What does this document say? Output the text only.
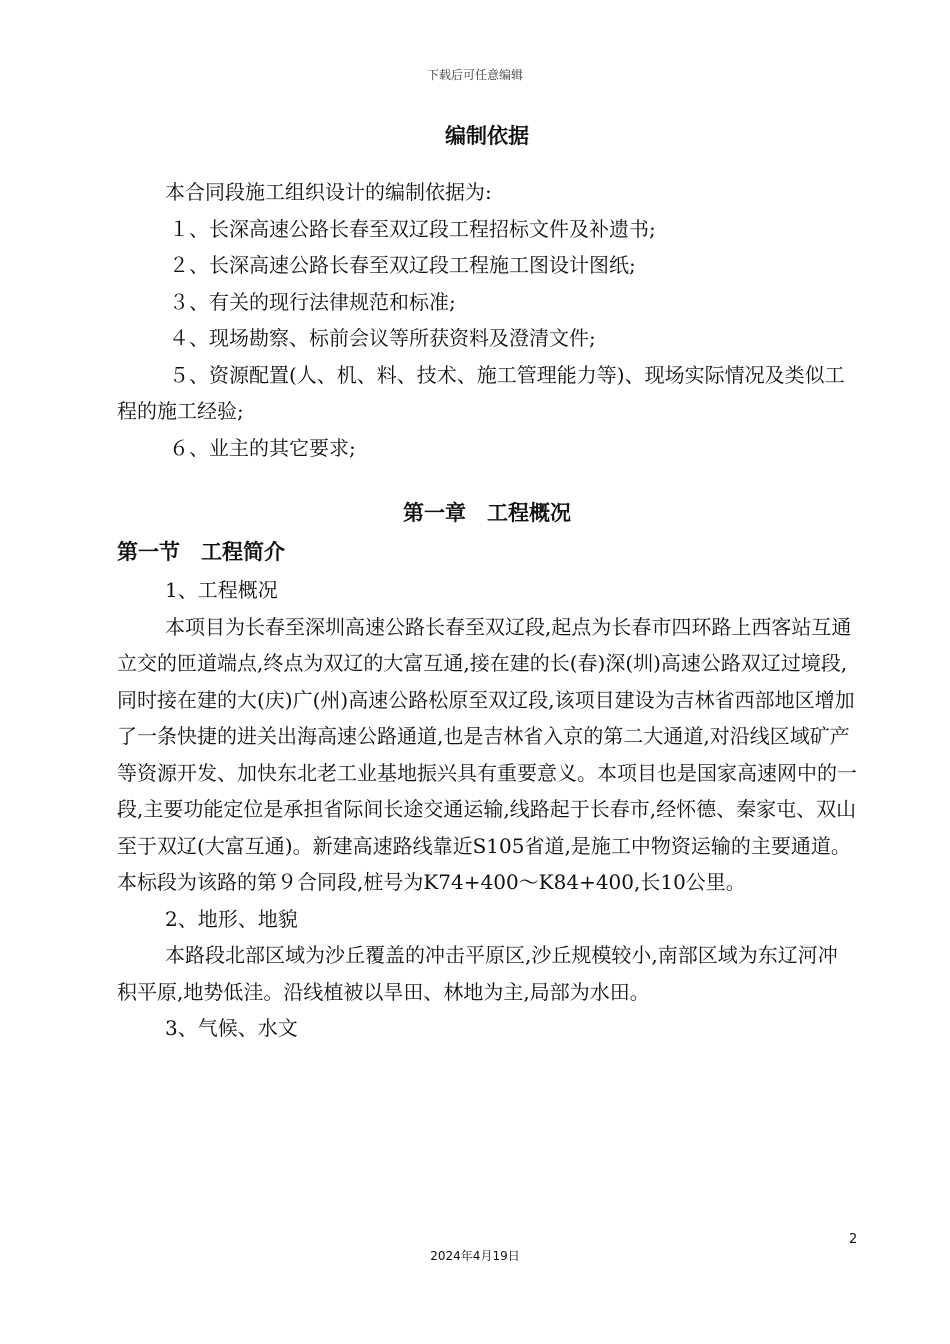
下载后可任意编辑
编制依据

本合同段施工组织设计的编制依据为:

１、长深高速公路长春至双辽段工程招标文件及补遗书;

２、长深高速公路长春至双辽段工程施工图设计图纸;

３、有关的现行法律规范和标准;

４、现场勘察、标前会议等所获资料及澄清文件;

５、资源配置(人、机、料、技术、施工管理能力等)、现场实际情况及类似工程的施工经验;

６、业主的其它要求;

第一章　工程概况
第一节　工程简介

1、工程概况

本项目为长春至深圳高速公路长春至双辽段,起点为长春市四环路上西客站互通立交的匝道端点,终点为双辽的大富互通,接在建的长(春)深(圳)高速公路双辽过境段,同时接在建的大(庆)广(州)高速公路松原至双辽段,该项目建设为吉林省西部地区增加了一条快捷的进关出海高速公路通道,也是吉林省入京的第二大通道,对沿线区域矿产等资源开发、加快东北老工业基地振兴具有重要意义。本项目也是国家高速网中的一段,主要功能定位是承担省际间长途交通运输,线路起于长春市,经怀德、秦家屯、双山至于双辽(大富互通)。新建高速路线靠近S105省道,是施工中物资运输的主要通道。本标段为该路的第９合同段,桩号为K74+400～K84+400,长10公里。

2、地形、地貌

本路段北部区域为沙丘覆盖的冲击平原区,沙丘规模较小,南部区域为东辽河冲积平原,地势低洼。沿线植被以旱田、林地为主,局部为水田。

3、气候、水文

2
2024年4月19日
